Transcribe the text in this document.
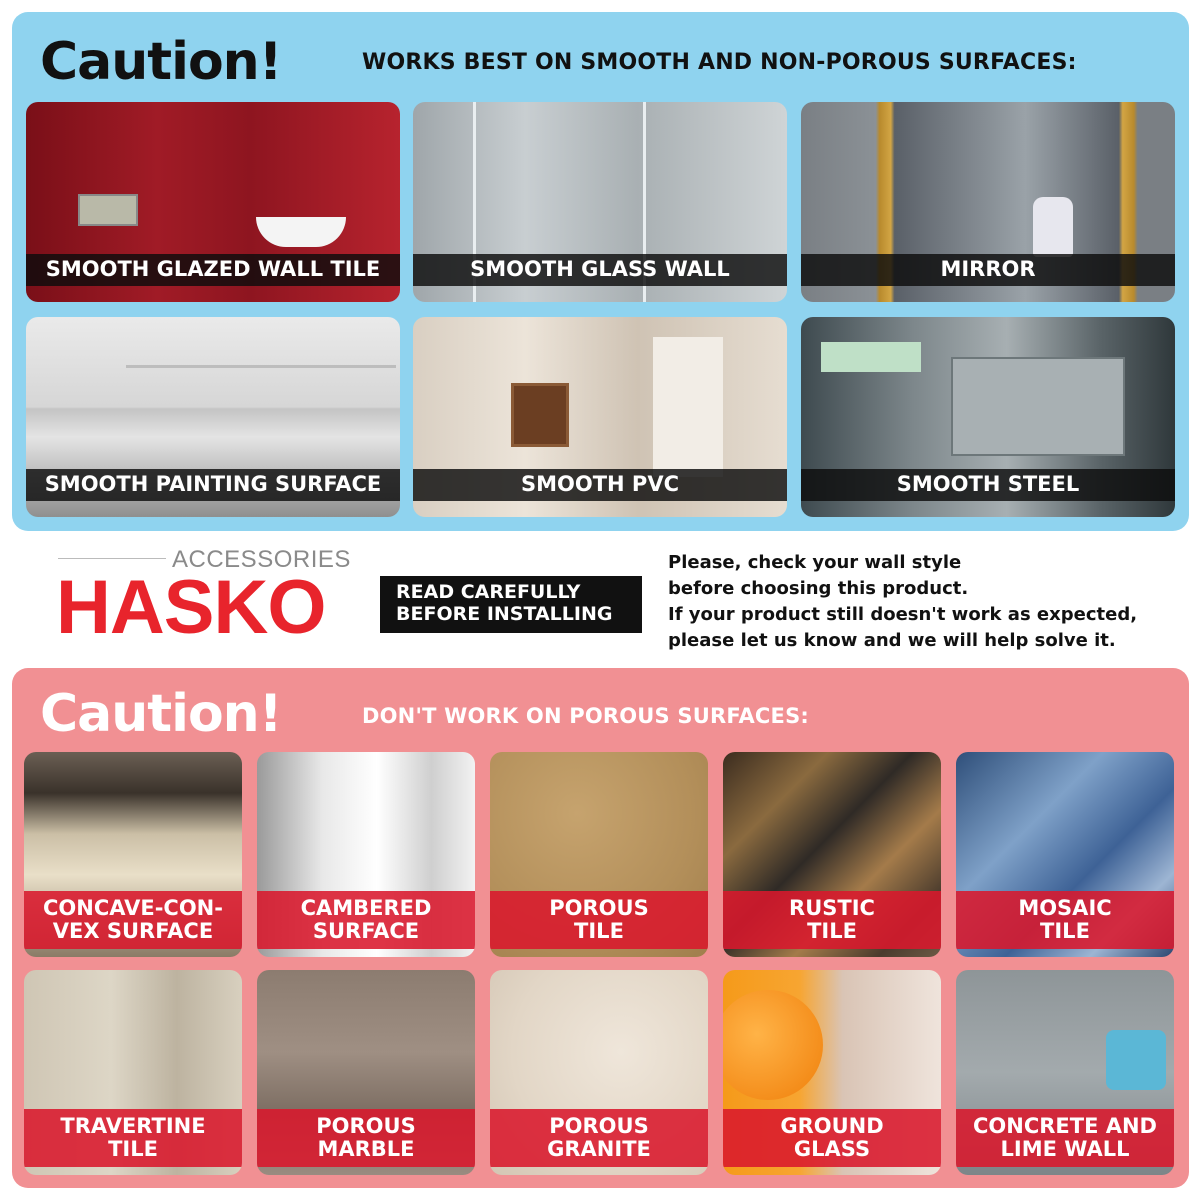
Caution!	WORKS BEST ON SMOOTH AND NON-POROUS SURFACES:
SMOOTH GLAZED WALL TILE	SMOOTH GLASS WALL	MIRROR
SMOOTH PAINTING SURFACE	SMOOTH PVC	SMOOTH STEEL
ACCESSORIES
HASKO	READ CAREFULLY
BEFORE INSTALLING
Please, check your wall style
before choosing this product.
If your product still doesn't work as expected,
please let us know and we will help solve it.
Caution!	DON'T WORK ON POROUS SURFACES:
CONCAVE-CON-
VEX SURFACE
CAMBERED
SURFACE
POROUS
TILE
RUSTIC
TILE
MOSAIC
TILE
TRAVERTINE
TILE
POROUS
MARBLE
POROUS
GRANITE
GROUND
GLASS
CONCRETE AND
LIME WALL
